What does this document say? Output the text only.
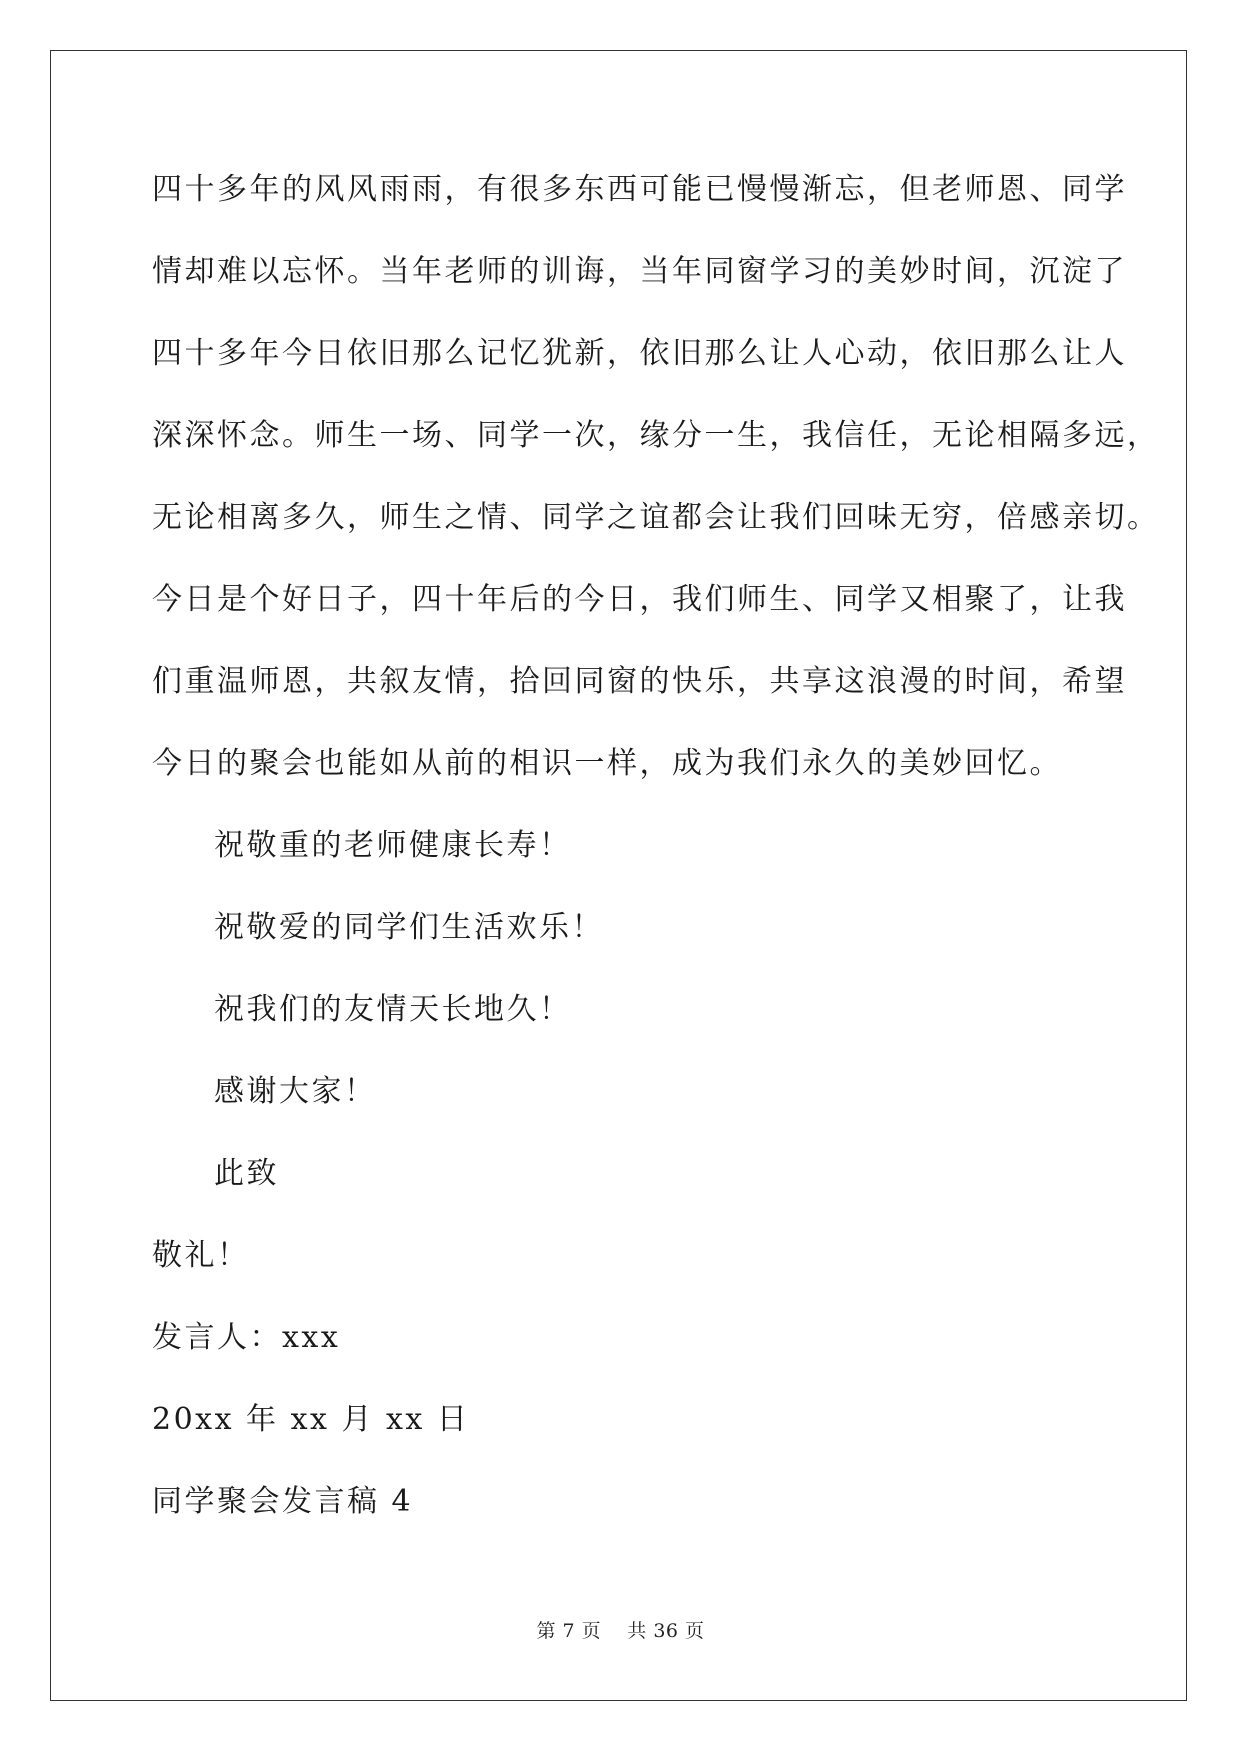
四十多年的风风雨雨，有很多东西可能已慢慢渐忘，但老师恩、同学
情却难以忘怀。当年老师的训诲，当年同窗学习的美妙时间，沉淀了
四十多年今日依旧那么记忆犹新，依旧那么让人心动，依旧那么让人
深深怀念。师生一场、同学一次，缘分一生，我信任，无论相隔多远，
无论相离多久，师生之情、同学之谊都会让我们回味无穷，倍感亲切。
今日是个好日子，四十年后的今日，我们师生、同学又相聚了，让我
们重温师恩，共叙友情，拾回同窗的快乐，共享这浪漫的时间，希望
今日的聚会也能如从前的相识一样，成为我们永久的美妙回忆。
祝敬重的老师健康长寿！
祝敬爱的同学们生活欢乐！
祝我们的友情天长地久！
感谢大家！
此致
敬礼！
发言人：xxx
20xx 年 xx 月 xx 日
同学聚会发言稿 4
第 7 页 共 36 页
